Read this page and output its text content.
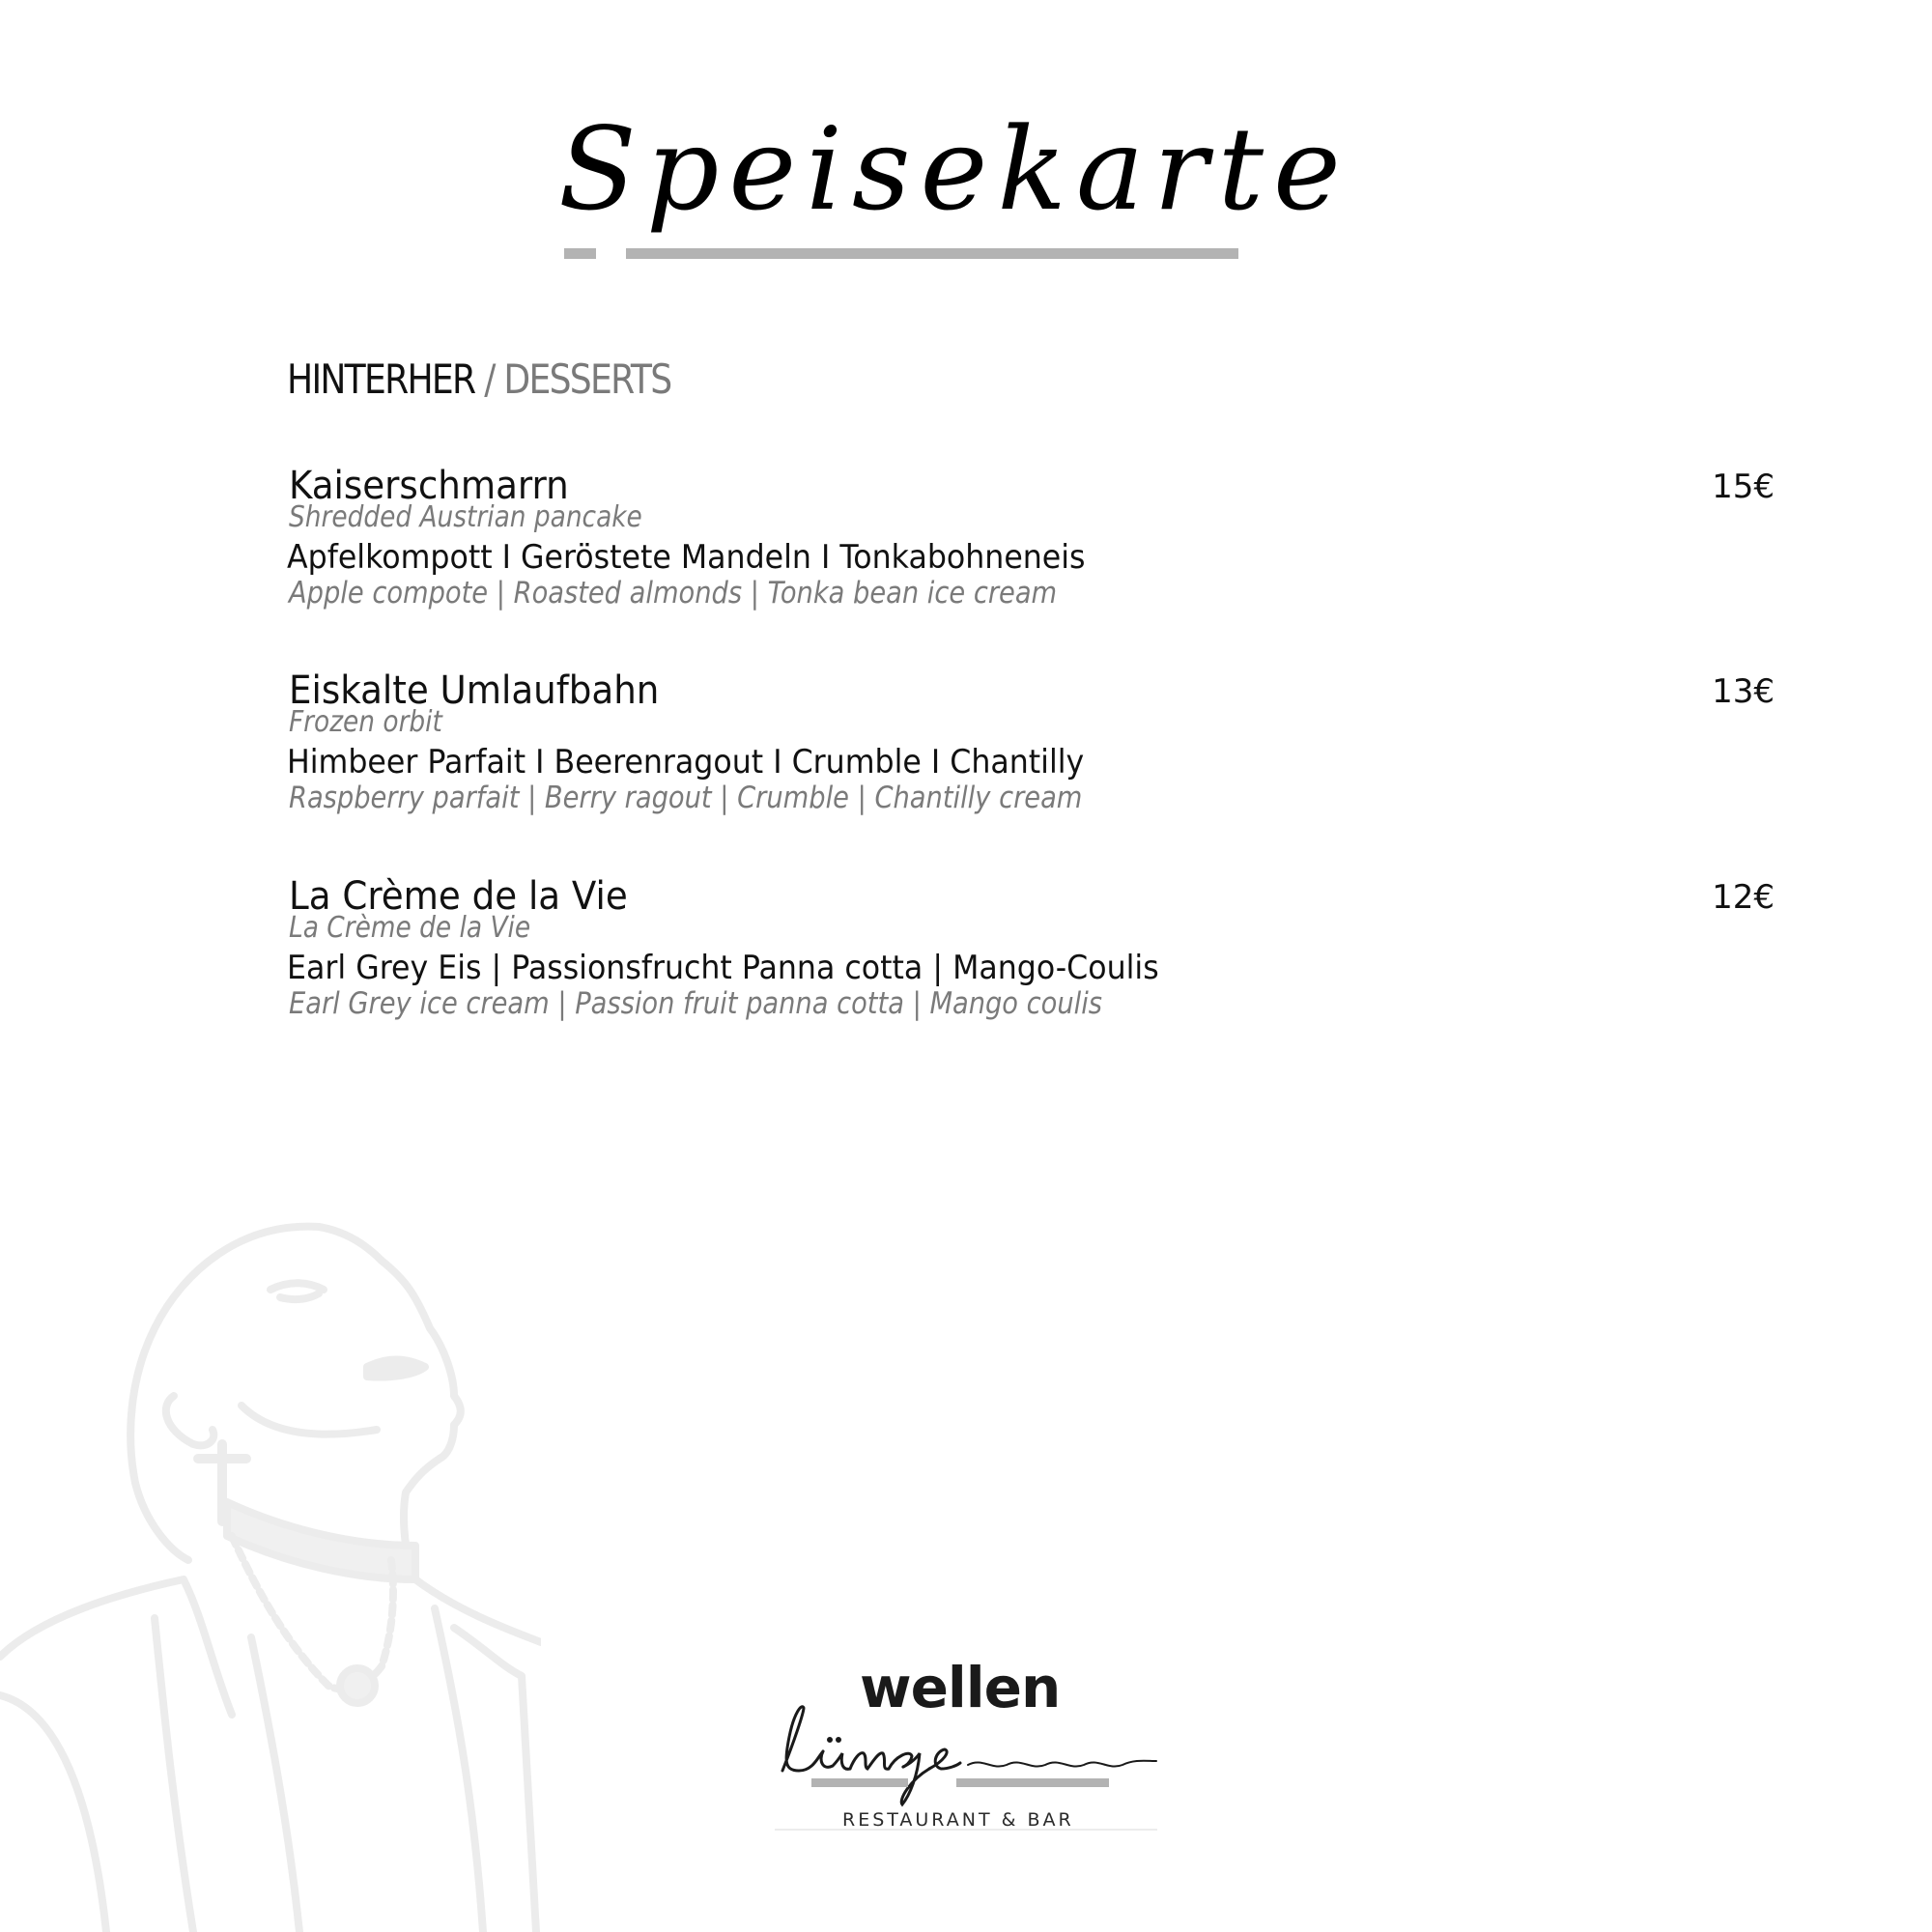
Speisekarte
HINTERHER / DESSERTS
Kaiserschmarrn
Shredded Austrian pancake
Apfelkompott I Geröstete Mandeln I Tonkabohneneis
Apple compote | Roasted almonds | Tonka bean ice cream
15€
Eiskalte Umlaufbahn
Frozen orbit
Himbeer Parfait I Beerenragout I Crumble I Chantilly
Raspberry parfait | Berry ragout | Crumble | Chantilly cream
13€
La Crème de la Vie
La Crème de la Vie
Earl Grey Eis | Passionsfrucht Panna cotta | Mango-Coulis
Earl Grey ice cream | Passion fruit panna cotta | Mango coulis
12€
wellen
RESTAURANT & BAR
